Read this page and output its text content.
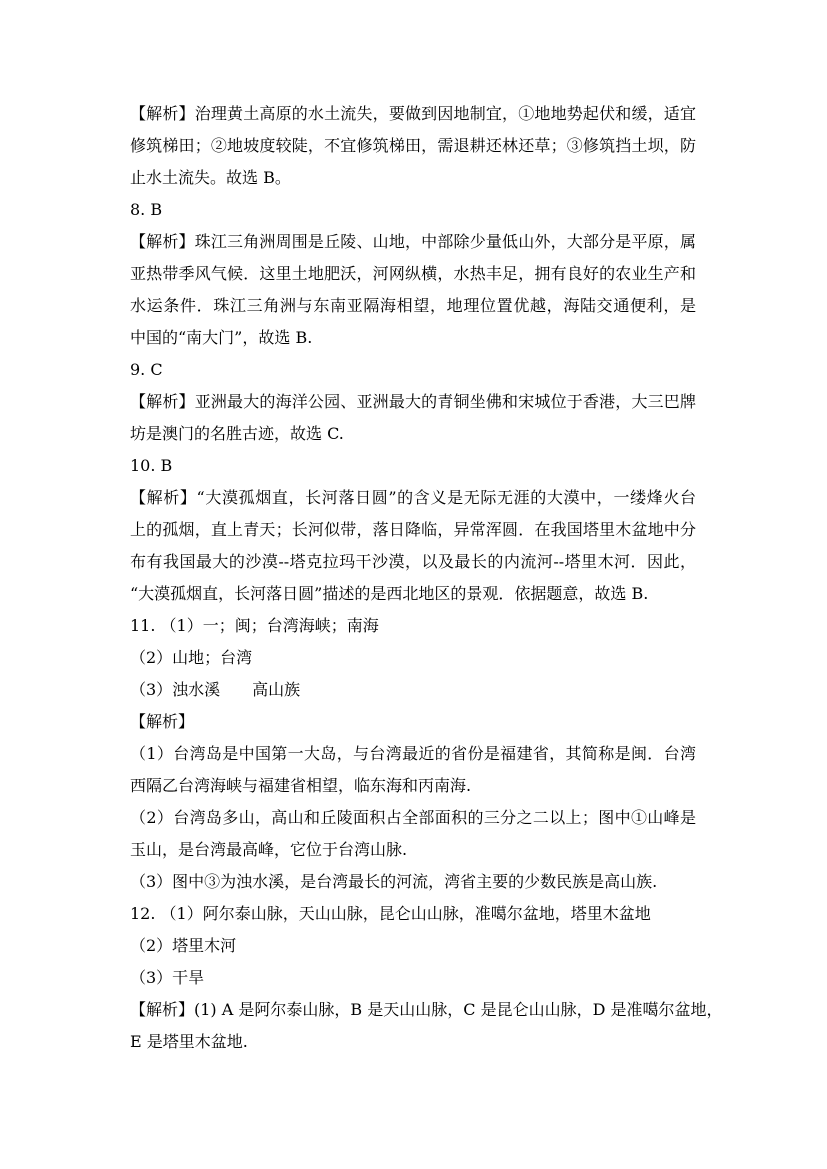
【解析】治理黄土高原的水土流失，要做到因地制宜，①地地势起伏和缓，适宜
修筑梯田；②地坡度较陡，不宜修筑梯田，需退耕还林还草；③修筑挡土坝，防
止水土流失。故选 B。
8. B
【解析】珠江三角洲周围是丘陵、山地，中部除少量低山外，大部分是平原，属
亚热带季风气候．这里土地肥沃，河网纵横，水热丰足，拥有良好的农业生产和
水运条件．珠江三角洲与东南亚隔海相望，地理位置优越，海陆交通便利，是
中国的“南大门”，故选 B.
9. C
【解析】亚洲最大的海洋公园、亚洲最大的青铜坐佛和宋城位于香港，大三巴牌
坊是澳门的名胜古迹，故选 C.
10. B
【解析】“大漠孤烟直，长河落日圆”的含义是无际无涯的大漠中，一缕烽火台
上的孤烟，直上青天；长河似带，落日降临，异常浑圆．在我国塔里木盆地中分
布有我国最大的沙漠--塔克拉玛干沙漠，以及最长的内流河--塔里木河．因此，
“大漠孤烟直，长河落日圆”描述的是西北地区的景观．依据题意，故选 B.
11. （1）一；闽；台湾海峡；南海
（2）山地；台湾
（3）浊水溪　　高山族
【解析】
（1）台湾岛是中国第一大岛，与台湾最近的省份是福建省，其简称是闽．台湾
西隔乙台湾海峡与福建省相望，临东海和丙南海.
（2）台湾岛多山，高山和丘陵面积占全部面积的三分之二以上；图中①山峰是
玉山，是台湾最高峰，它位于台湾山脉.
（3）图中③为浊水溪，是台湾最长的河流，湾省主要的少数民族是高山族.
12. （1）阿尔泰山脉，天山山脉，昆仑山山脉，准噶尔盆地，塔里木盆地
（2）塔里木河
（3）干旱
【解析】(1) A 是阿尔泰山脉，B 是天山山脉，C 是昆仑山山脉，D 是准噶尔盆地，
E 是塔里木盆地.
